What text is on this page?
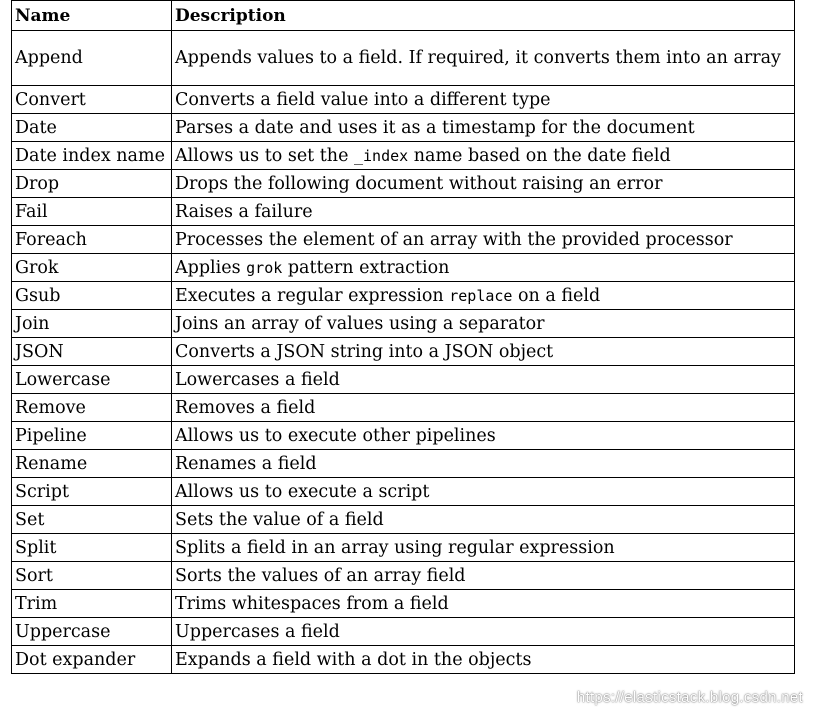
Name	Description
Append	Appends values to a field. If required, it converts them into an array
Convert	Converts a field value into a different type
Date	Parses a date and uses it as a timestamp for the document
Date index name	Allows us to set the _index name based on the date field
Drop	Drops the following document without raising an error
Fail	Raises a failure
Foreach	Processes the element of an array with the provided processor
Grok	Applies grok pattern extraction
Gsub	Executes a regular expression replace on a field
Join	Joins an array of values using a separator
JSON	Converts a JSON string into a JSON object
Lowercase	Lowercases a field
Remove	Removes a field
Pipeline	Allows us to execute other pipelines
Rename	Renames a field
Script	Allows us to execute a script
Set	Sets the value of a field
Split	Splits a field in an array using regular expression
Sort	Sorts the values of an array field
Trim	Trims whitespaces from a field
Uppercase	Uppercases a field
Dot expander	Expands a field with a dot in the objects
https://elasticstack.blog.csdn.net
